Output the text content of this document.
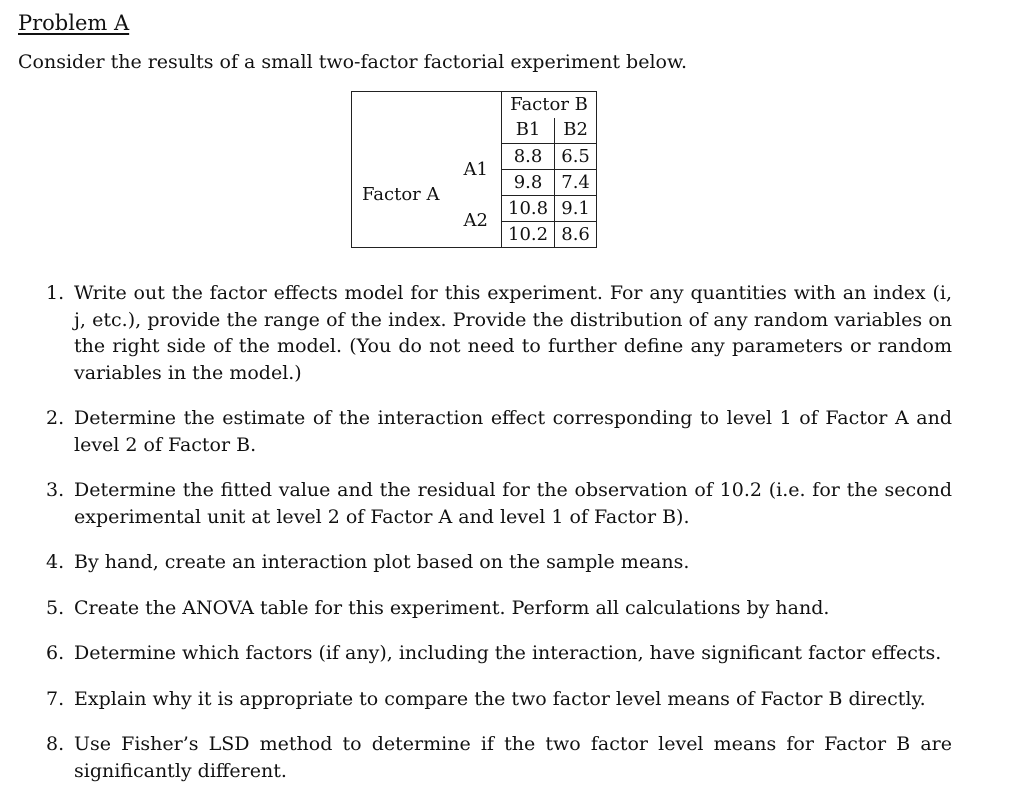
Problem A
Consider the results of a small two-factor factorial experiment below.
		Factor B	
		B1	B2
Factor A	A1	8.8	6.5
		9.8	7.4
	A2	10.8	9.1
		10.2	8.6
1. Write out the factor effects model for this experiment. For any quantities with an index (i, j, etc.), provide the range of the index. Provide the distribution of any random variables on the right side of the model. (You do not need to further define any parameters or random variables in the model.)
2. Determine the estimate of the interaction effect corresponding to level 1 of Factor A and level 2 of Factor B.
3. Determine the fitted value and the residual for the observation of 10.2 (i.e. for the second experimental unit at level 2 of Factor A and level 1 of Factor B).
4. By hand, create an interaction plot based on the sample means.
5. Create the ANOVA table for this experiment. Perform all calculations by hand.
6. Determine which factors (if any), including the interaction, have significant factor effects.
7. Explain why it is appropriate to compare the two factor level means of Factor B directly.
8. Use Fisher’s LSD method to determine if the two factor level means for Factor B are significantly different.
